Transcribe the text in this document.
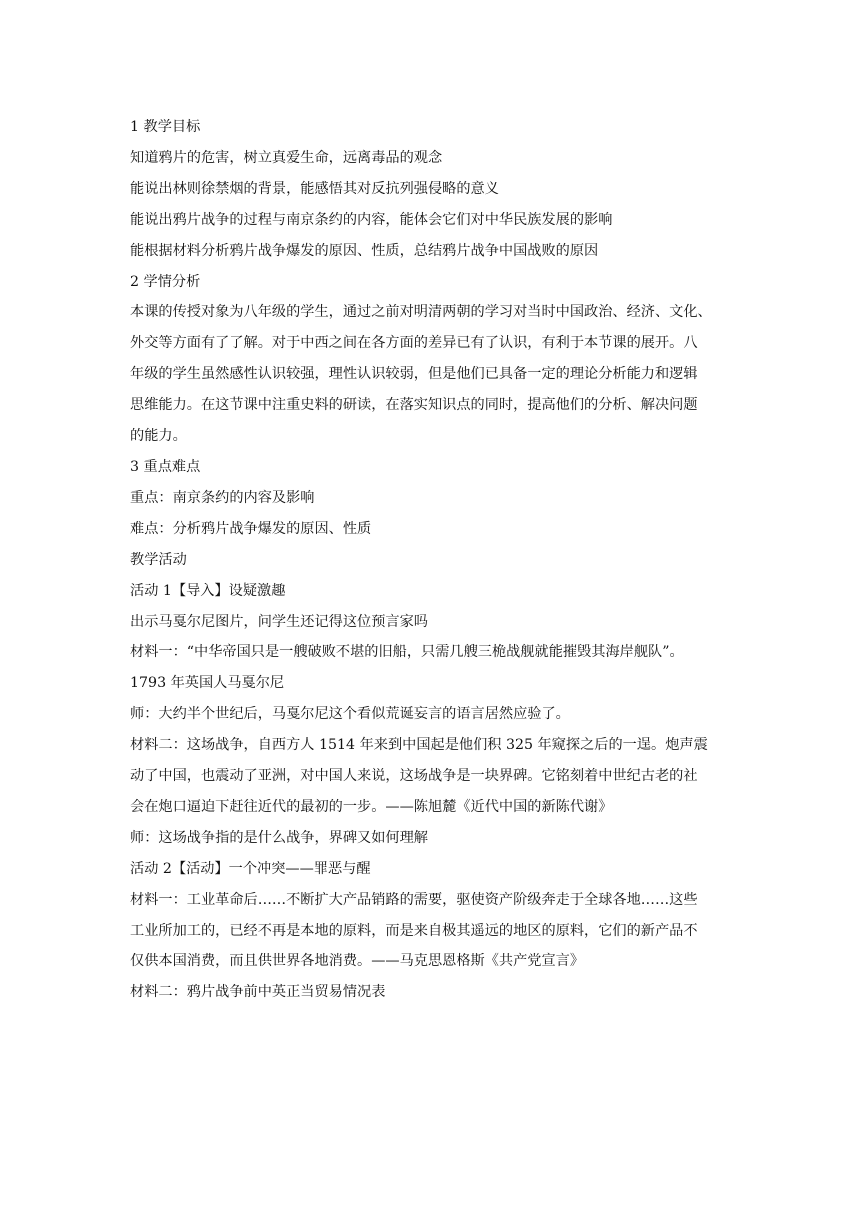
1 教学目标

知道鸦片的危害，树立真爱生命，远离毒品的观念

能说出林则徐禁烟的背景，能感悟其对反抗列强侵略的意义

能说出鸦片战争的过程与南京条约的内容，能体会它们对中华民族发展的影响

能根据材料分析鸦片战争爆发的原因、性质，总结鸦片战争中国战败的原因

2 学情分析

本课的传授对象为八年级的学生，通过之前对明清两朝的学习对当时中国政治、经济、文化、
外交等方面有了了解。对于中西之间在各方面的差异已有了认识，有利于本节课的展开。八
年级的学生虽然感性认识较强，理性认识较弱，但是他们已具备一定的理论分析能力和逻辑
思维能力。在这节课中注重史料的研读，在落实知识点的同时，提高他们的分析、解决问题
的能力。

3 重点难点

重点：南京条约的内容及影响

难点：分析鸦片战争爆发的原因、性质

教学活动

活动 1【导入】设疑激趣

出示马戛尔尼图片，问学生还记得这位预言家吗

材料一：“中华帝国只是一艘破败不堪的旧船，只需几艘三桅战舰就能摧毁其海岸舰队”。

1793 年英国人马戛尔尼

师：大约半个世纪后，马戛尔尼这个看似荒诞妄言的语言居然应验了。

材料二：这场战争，自西方人 1514 年来到中国起是他们积 325 年窥探之后的一逞。炮声震
动了中国，也震动了亚洲，对中国人来说，这场战争是一块界碑。它铭刻着中世纪古老的社
会在炮口逼迫下赶往近代的最初的一步。——陈旭麓《近代中国的新陈代谢》

师：这场战争指的是什么战争，界碑又如何理解

活动 2【活动】一个冲突——罪恶与醒

材料一：工业革命后……不断扩大产品销路的需要，驱使资产阶级奔走于全球各地……这些
工业所加工的，已经不再是本地的原料，而是来自极其遥远的地区的原料，它们的新产品不
仅供本国消费，而且供世界各地消费。——马克思恩格斯《共产党宣言》

材料二：鸦片战争前中英正当贸易情况表
